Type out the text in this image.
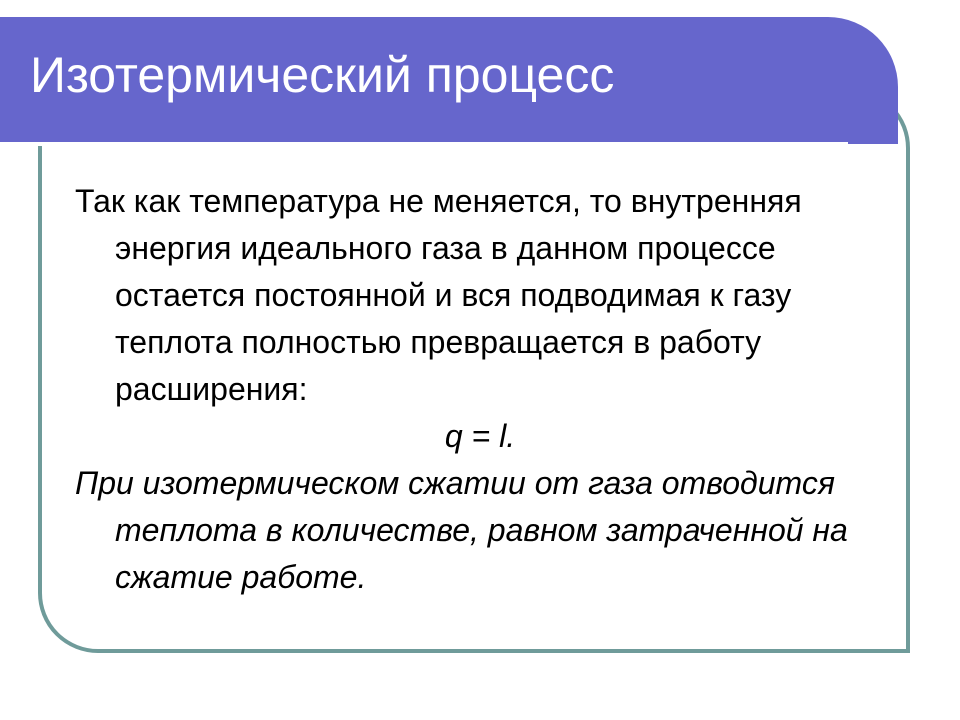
Изотермический процесс

Так как температура не меняется, то внутренняя энергия идеального газа в данном процессе остается постоянной и вся подводимая к газу теплота полностью превращается в работу расширения:

q = l.

При изотермическом сжатии от газа отводится теплота в количестве, равном затраченной на сжатие работе.
